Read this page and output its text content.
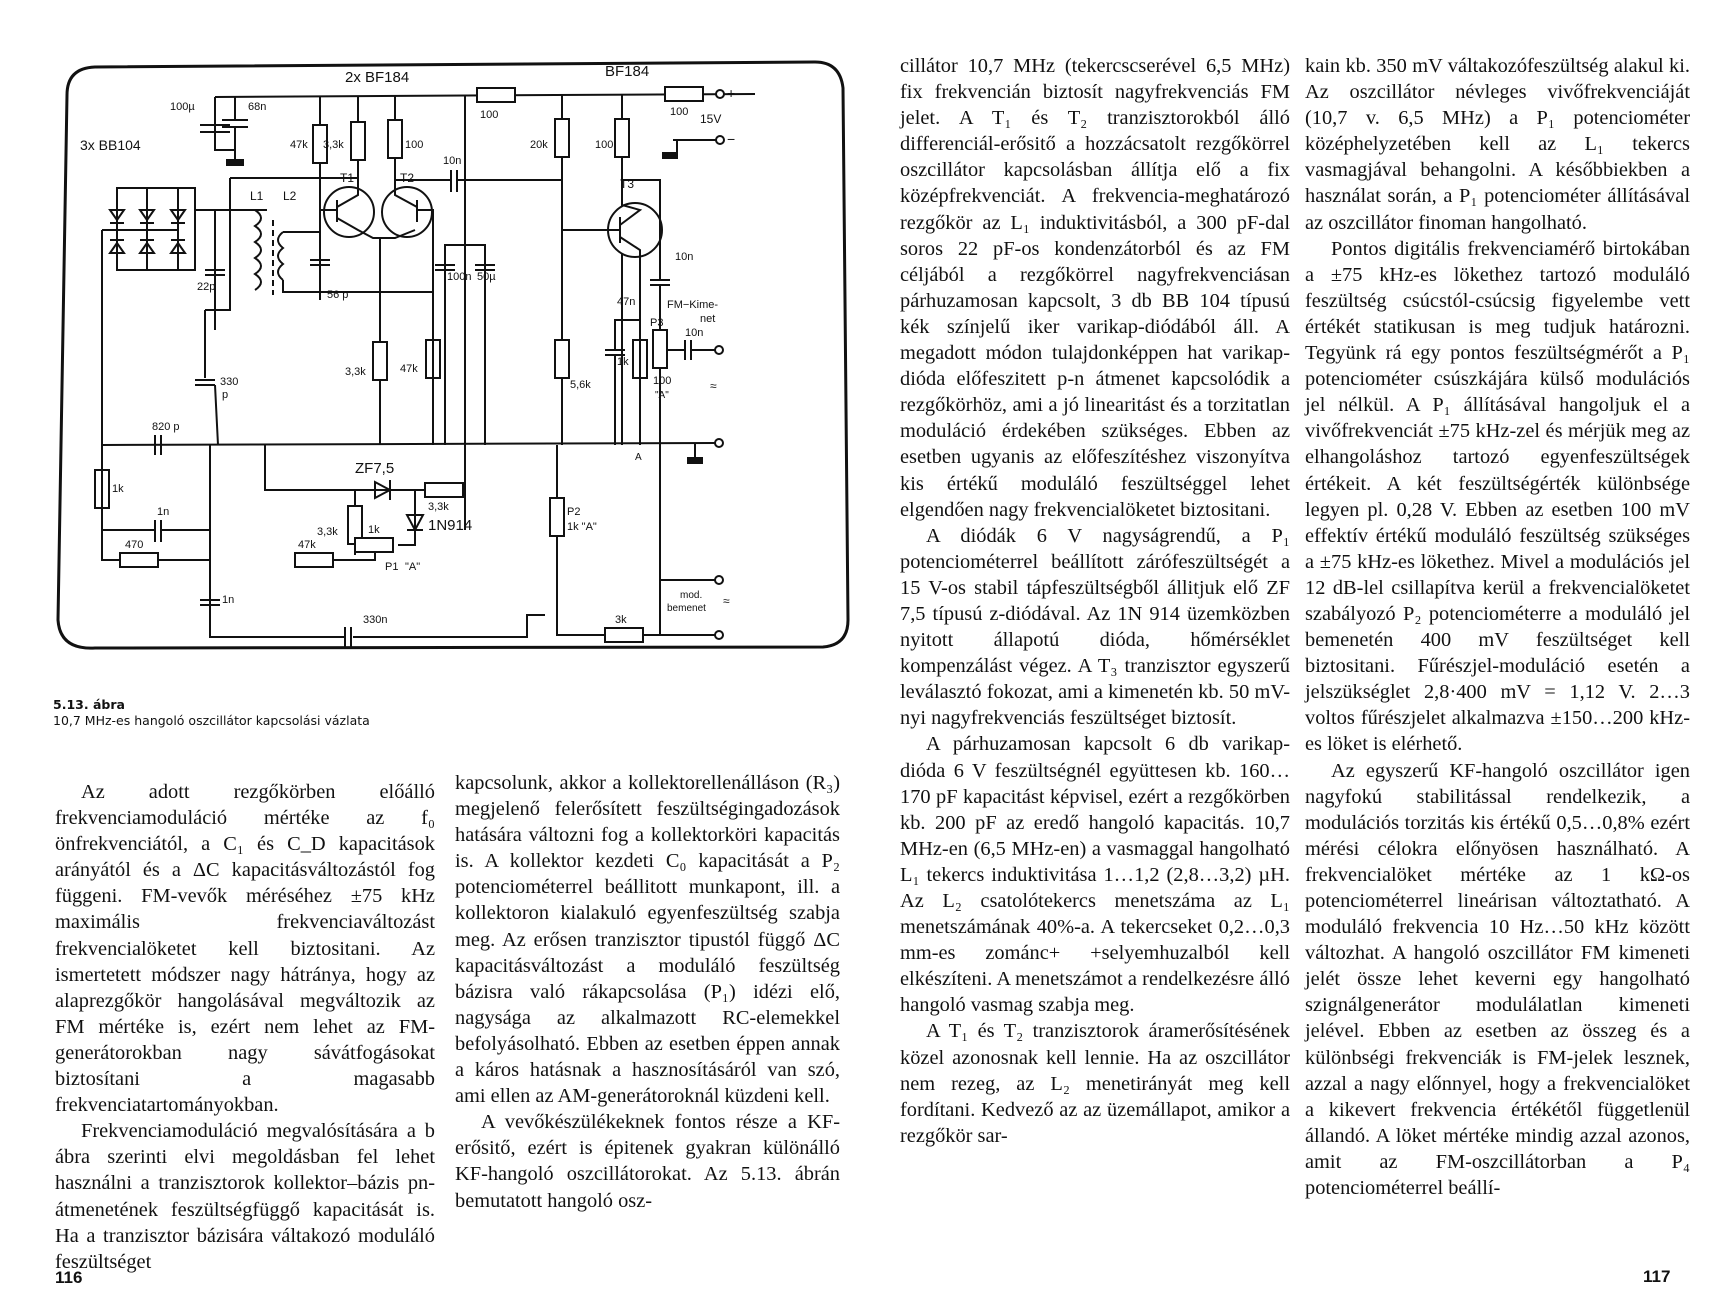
2x BF184	BF184
3x BB104
100µ	68n
47k 3,3k	100
100
20k	100
100 15V
+
−
10n
L1 L2
T1	T2	T3
22p
56 p
100n 50µ
10n
47n	FM−Kime-
net
P3
10n
1k
3,3k	47k
5,6k	100
"A"
330
p
820 p
A
≈
1k
1n
1n
ZF7,5
3,3k
1N914
3,3k	1k
P1 "A"
P2
1k "A"
470	47k
330n	3k
mod.
bemenet
≈
5.13. ábra
10,7 MHz-es hangoló oszcillátor kapcsolási vázlata

Az adott rezgőkörben előálló frekvenciamoduláció mértéke az f₀ önfrekvenciától, a C₁ és C_D kapacitások arányától és a ΔC kapacitásváltozástól fog függeni. FM-vevők méréséhez ±75 kHz maximális frekvenciaváltozást frekvencialöketet kell biztositani. Az ismertetett módszer nagy hátránya, hogy az alaprezgőkör hangolásával megváltozik az FM mértéke is, ezért nem lehet az FM-generátorokban nagy sávátfogásokat biztosítani a magasabb frekvenciatartományokban.

Frekvenciamoduláció megvalósítására a b ábra szerinti elvi megoldásban fel lehet használni a tranzisztorok kollektor–bázis pn-átmenetének feszültségfüggő kapacitását is. Ha a tranzisztor bázisára váltakozó moduláló feszültséget

kapcsolunk, akkor a kollektorellenálláson (R₃) megjelenő felerősített feszültségingadozások hatására változni fog a kollektorköri kapacitás is. A kollektor kezdeti C₀ kapacitását a P₂ potenciométerrel beállitott munkapont, ill. a kollektoron kialakuló egyenfeszültség szabja meg. Az erősen tranzisztor tipustól függő ΔC kapacitásváltozást a moduláló feszültség bázisra való rákapcsolása (P₁) idézi elő, nagysága az alkalmazott RC-elemekkel befolyásolható. Ebben az esetben éppen annak a káros hatásnak a hasznosításáról van szó, ami ellen az AM-generátoroknál küzdeni kell.

A vevőkészülékeknek fontos része a KF-erősitő, ezért is épitenek gyakran különálló KF-hangoló oszcillátorokat. Az 5.13. ábrán bemutatott hangoló osz-

cillátor 10,7 MHz (tekercscserével 6,5 MHz) fix frekvencián biztosít nagyfrekvenciás FM jelet. A T₁ és T₂ tranzisztorokból álló differenciál-erősitő a hozzácsatolt rezgőkörrel oszcillátor kapcsolásban állítja elő a fix középfrekvenciát. A frekvencia-meghatározó rezgőkör az L₁ induktivitásból, a 300 pF-dal soros 22 pF-os kondenzátorból és az FM céljából a rezgőkörrel nagyfrekvenciásan párhuzamosan kapcsolt, 3 db BB 104 típusú kék színjelű iker varikap-diódából áll. A megadott módon tulajdonképpen hat varikap-dióda előfeszitett p-n átmenet kapcsolódik a rezgőkörhöz, ami a jó linearitást és a torzitatlan moduláció érdekében szükséges. Ebben az esetben ugyanis az előfeszítéshez viszonyítva kis értékű moduláló feszültséggel lehet elgendően nagy frekvencialöketet biztositani.

A diódák 6 V nagyságrendű, a P₁ potenciométerrel beállított zárófeszültségét a 15 V-os stabil tápfeszültségből állitjuk elő ZF 7,5 típusú z-diódával. Az 1N 914 üzemközben nyitott állapotú dióda, hőmérséklet kompenzálást végez. A T₃ tranzisztor egyszerű leválasztó fokozat, ami a kimenetén kb. 50 mV-nyi nagyfrekvenciás feszültséget biztosít.

A párhuzamosan kapcsolt 6 db varikap-dióda 6 V feszültségnél együttesen kb. 160…170 pF kapacitást képvisel, ezért a rezgőkörben kb. 200 pF az eredő hangoló kapacitás. 10,7 MHz-en (6,5 MHz-en) a vasmaggal hangolható L₁ tekercs induktivitása 1…1,2 (2,8…3,2) µH. Az L₂ csatolótekercs menetszáma az L₁ menetszámának 40%-a. A tekercseket 0,2…0,3 mm-es zománc+ +selyemhuzalból kell elkészíteni. A menetszámot a rendelkezésre álló hangoló vasmag szabja meg.

A T₁ és T₂ tranzisztorok áramerősítésének közel azonosnak kell lennie. Ha az oszcillátor nem rezeg, az L₂ menetirányát meg kell fordítani. Kedvező az az üzemállapot, amikor a rezgőkör sar-

kain kb. 350 mV váltakozófeszültség alakul ki. Az oszcillátor névleges vivőfrekvenciáját (10,7 v. 6,5 MHz) a P₁ potenciométer középhelyzetében kell az L₁ tekercs vasmagjával behangolni. A későbbiekben a használat során, a P₁ potenciométer állításával az oszcillátor finoman hangolható.

Pontos digitális frekvenciamérő birtokában a ±75 kHz-es lökethez tartozó moduláló feszültség csúcstól-csúcsig figyelembe vett értékét statikusan is meg tudjuk határozni. Tegyünk rá egy pontos feszültségmérőt a P₁ potenciométer csúszkájára külső modulációs jel nélkül. A P₁ állításával hangoljuk el a vivőfrekvenciát ±75 kHz-zel és mérjük meg az elhangoláshoz tartozó egyenfeszültségek értékeit. A két feszültségérték különbsége legyen pl. 0,28 V. Ebben az esetben 100 mV effektív értékű moduláló feszültség szükséges a ±75 kHz-es lökethez. Mivel a modulációs jel 12 dB-lel csillapítva kerül a frekvencialöketet szabályozó P₂ potenciométerre a moduláló jel bemenetén 400 mV feszültséget kell biztositani. Fűrészjel-moduláció esetén a jelszükséglet 2,8·400 mV = 1,12 V. 2…3 voltos fűrészjelet alkalmazva ±150…200 kHz-es löket is elérhető.

Az egyszerű KF-hangoló oszcillátor igen nagyfokú stabilitással rendelkezik, a modulációs torzitás kis értékű 0,5…0,8% ezért mérési célokra előnyösen használható. A frekvencialöket mértéke az 1 kΩ-os potenciométerrel lineárisan változtatható. A moduláló frekvencia 10 Hz…50 kHz között változhat. A hangoló oszcillátor FM kimeneti jelét össze lehet keverni egy hangolható szignálgenerátor modulálatlan kimeneti jelével. Ebben az esetben az összeg és a különbségi frekvenciák is FM-jelek lesznek, azzal a nagy előnnyel, hogy a frekvencialöket a kikevert frekvencia értékétől függetlenül állandó. A löket mértéke mindig azzal azonos, amit az FM-oszcillátorban a P₄ potenciométerrel beállí-

116	117
